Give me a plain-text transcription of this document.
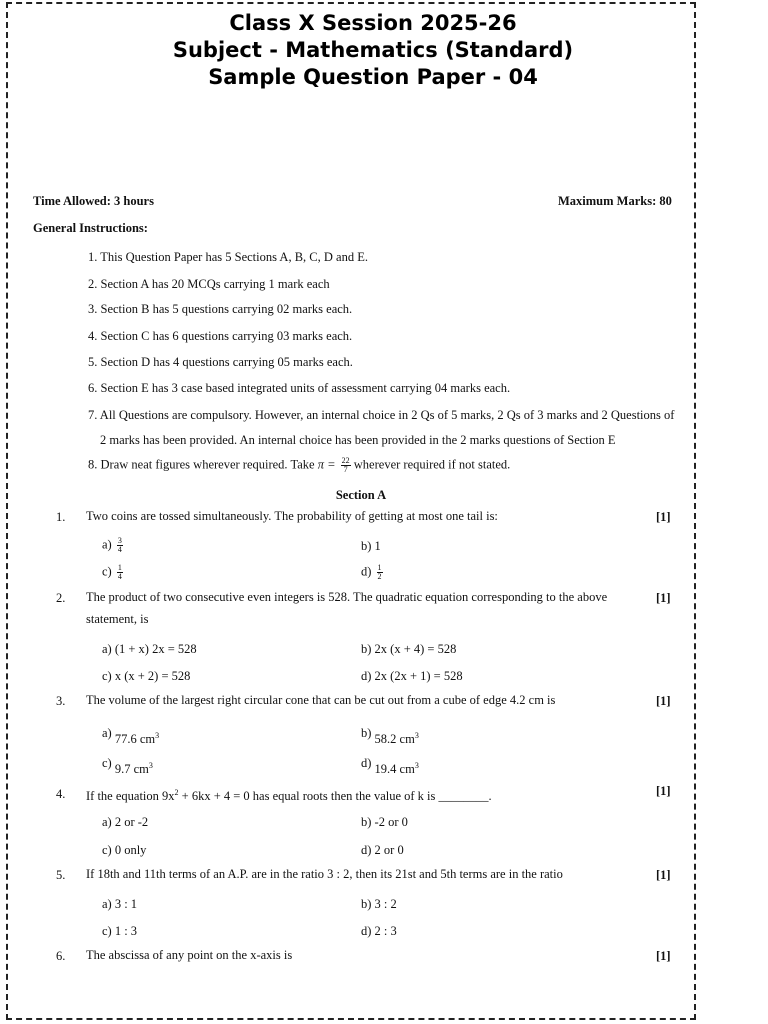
Class X Session 2025-26
Subject - Mathematics (Standard)
Sample Question Paper - 04
Time Allowed: 3 hours	Maximum Marks: 80
General Instructions:
1. This Question Paper has 5 Sections A, B, C, D and E.
2. Section A has 20 MCQs carrying 1 mark each
3. Section B has 5 questions carrying 02 marks each.
4. Section C has 6 questions carrying 03 marks each.
5. Section D has 4 questions carrying 05 marks each.
6. Section E has 3 case based integrated units of assessment carrying 04 marks each.
7. All Questions are compulsory. However, an internal choice in 2 Qs of 5 marks, 2 Qs of 3 marks and 2 Questions of
2 marks has been provided. An internal choice has been provided in the 2 marks questions of Section E
8. Draw neat figures wherever required. Take $\pi = \frac{22}{7}$ wherever required if not stated.
Section A
1. Two coins are tossed simultaneously. The probability of getting at most one tail is:	[1]
$a) \frac{3}{4}$	b) 1
$c) \frac{1}{4}$	$d) \frac{1}{2}$
2. The product of two consecutive even integers is 528. The quadratic equation corresponding to the above statement, is
[1]
a) (1 + x) 2x = 528	b) 2x (x + 4) = 528
c) x (x + 2) = 528	d) 2x (2x + 1) = 528
3. The volume of the largest right circular cone that can be cut out from a cube of edge 4.2 cm is	[1]
a) 77.6 $cm^3$	b) 58.2 $cm^3$
c) 9.7 $cm^3$	d) 19.4 $cm^3$
4. If the equation $9x^2 + 6kx + 4 = 0$ has equal roots then the value of k is ________.	[1]
a) 2 or -2	b) -2 or 0
c) 0 only	d) 2 or 0
5. If 18th and 11th terms of an A.P. are in the ratio 3 : 2, then its 21st and 5th terms are in the ratio	[1]
a) 3 : 1	b) 3 : 2
c) 1 : 3	d) 2 : 3
6. The abscissa of any point on the x-axis is	[1]
